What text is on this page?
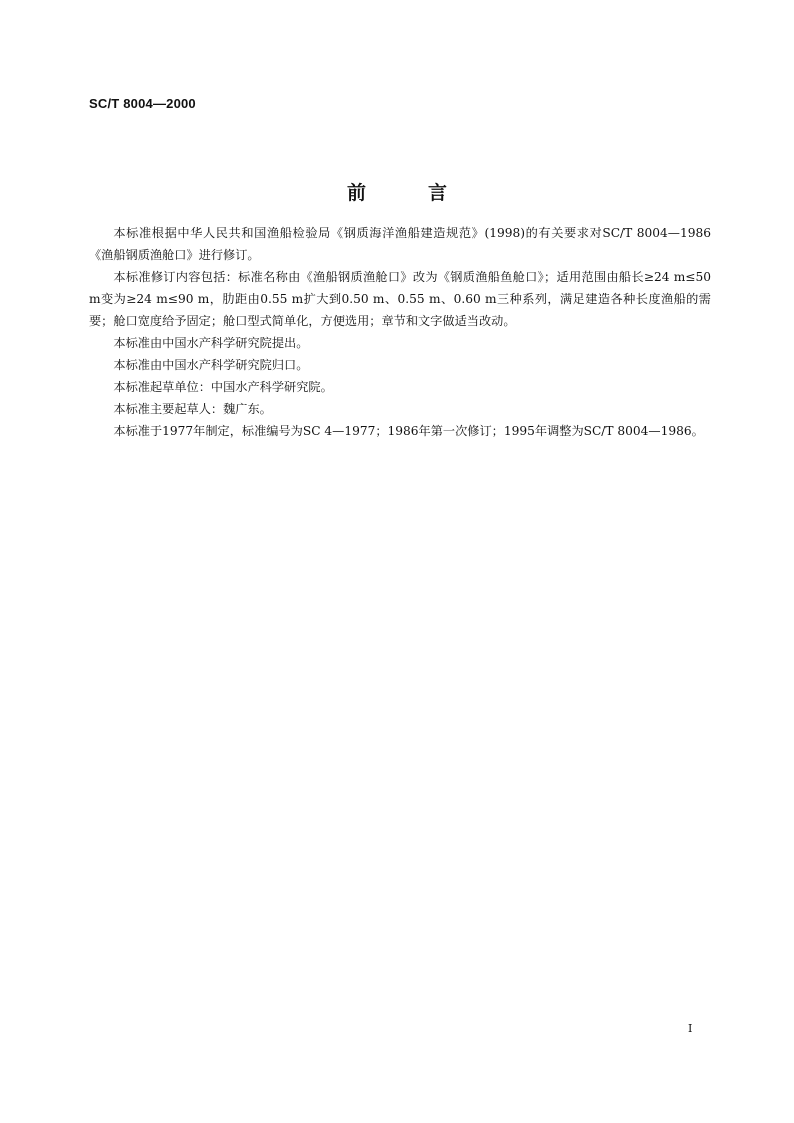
SC/T 8004—2000
前言

本标准根据中华人民共和国渔船检验局《钢质海洋渔船建造规范》(1998)的有关要求对SC/T 8004—1986《渔船钢质渔舱口》进行修订。

本标准修订内容包括：标准名称由《渔船钢质渔舱口》改为《钢质渔船鱼舱口》；适用范围由船长≥24 m≤50 m变为≥24 m≤90 m，肋距由0.55 m扩大到0.50 m、0.55 m、0.60 m三种系列，满足建造各种长度渔船的需要；舱口宽度给予固定；舱口型式简单化，方便选用；章节和文字做适当改动。

本标准由中国水产科学研究院提出。

本标准由中国水产科学研究院归口。

本标准起草单位：中国水产科学研究院。

本标准主要起草人：魏广东。

本标准于1977年制定，标准编号为SC 4—1977；1986年第一次修订；1995年调整为SC/T 8004—1986。

I
